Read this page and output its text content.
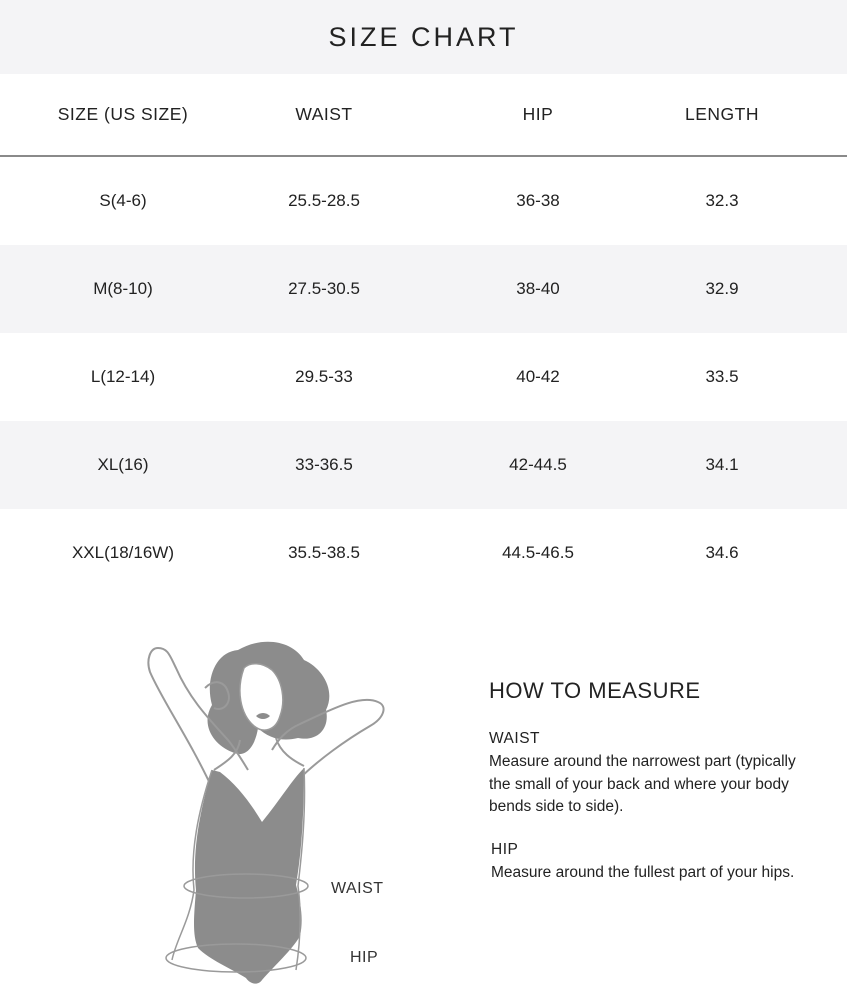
SIZE CHART
SIZE (US SIZE)	WAIST	HIP	LENGTH
S(4-6)	25.5-28.5	36-38	32.3
M(8-10)	27.5-30.5	38-40	32.9
L(12-14)	29.5-33	40-42	33.5
XL(16)	33-36.5	42-44.5	34.1
XXL(18/16W)	35.5-38.5	44.5-46.5	34.6
WAIST
HIP
HOW TO MEASURE
WAIST
Measure around the narrowest part (typically the small of your back and where your body bends side to side).
HIP
Measure around the fullest part of your hips.
